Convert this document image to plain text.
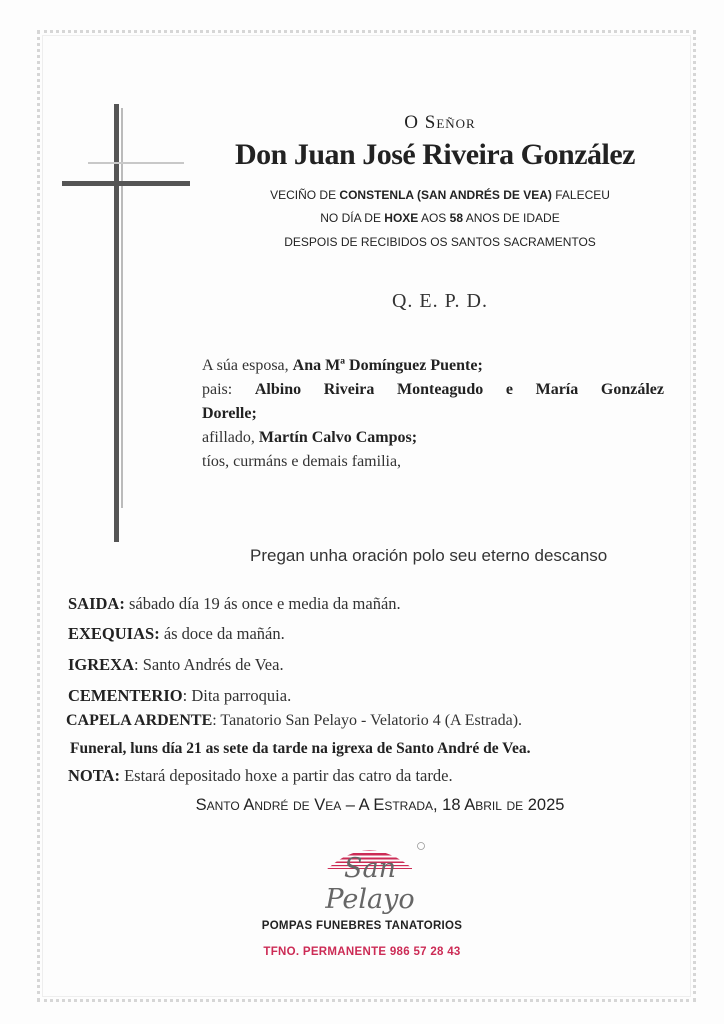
O Señor
Don Juan José Riveira González
VECIÑO DE CONSTENLA (SAN ANDRÉS DE VEA) FALECEU
NO DÍA DE HOXE AOS 58 ANOS DE IDADE
DESPOIS DE RECIBIDOS OS SANTOS SACRAMENTOS
Q. E. P. D.
A súa esposa, Ana Mª Domínguez Puente;
pais: Albino Riveira Monteagudo e María González
Dorelle;
afillado, Martín Calvo Campos;
tíos, curmáns e demais familia,
Pregan unha oración polo seu eterno descanso
SAIDA: sábado día 19 ás once e media da mañán.
EXEQUIAS: ás doce da mañán.
IGREXA: Santo Andrés de Vea.
CEMENTERIO: Dita parroquia.
CAPELA ARDENTE: Tanatorio San Pelayo - Velatorio 4 (A Estrada).
Funeral, luns día 21 as sete da tarde na igrexa de Santo André de Vea.
NOTA: Estará depositado hoxe a partir das catro da tarde.
Santo André de Vea – A Estrada, 18 Abril de 2025
San Pelayo
POMPAS FUNEBRES TANATORIOS
TFNO. PERMANENTE 986 57 28 43
